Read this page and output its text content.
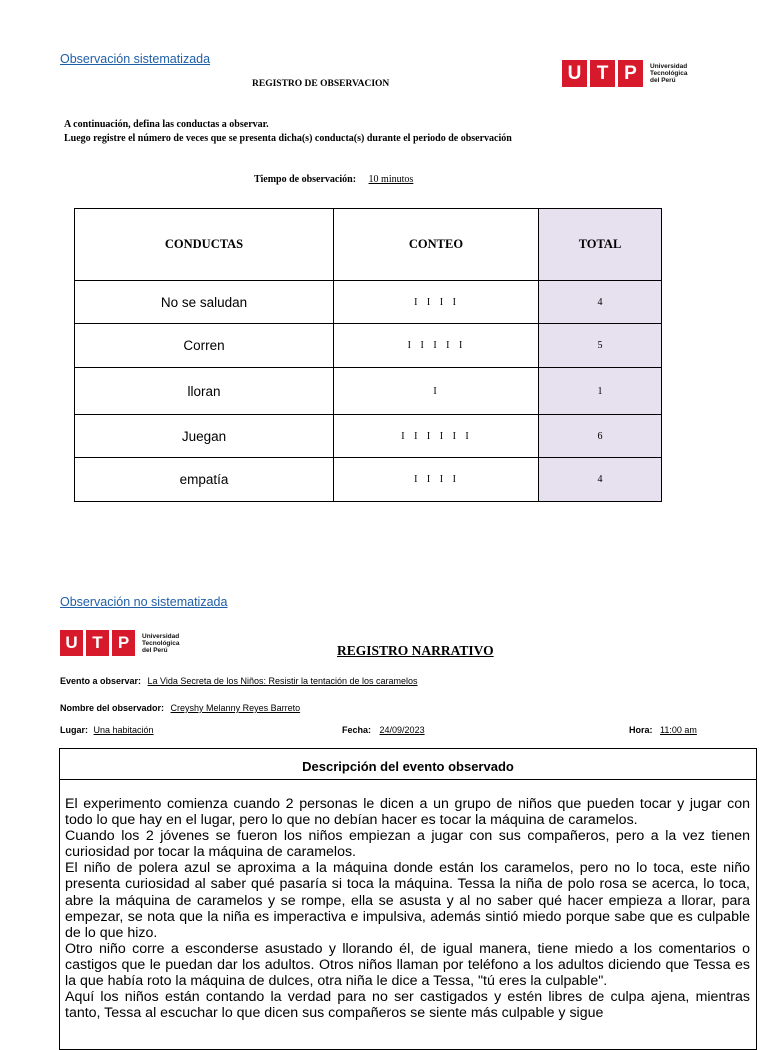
Observación sistematizada
REGISTRO DE OBSERVACION
U T P	Universidad
Tecnológica
del Perú
A continuación, defina las conductas a observar.
Luego registre el número de veces que se presenta dicha(s) conducta(s) durante el periodo de observación
Tiempo de observación: 10 minutos
CONDUCTAS	CONTEO	TOTAL
No se saludan	I I I I	4
Corren	I I I I I	5
lloran	I	1
Juegan	I I I I I I	6
empatía	I I I I	4
Observación no sistematizada
U T P	Universidad
Tecnológica
del Perú	REGISTRO NARRATIVO
Evento a observar: La Vida Secreta de los Niños: Resistir la tentación de los caramelos
Nombre del observador: Creyshy Melanny Reyes Barreto
Lugar: Una habitación	Fecha: 24/09/2023	Hora: 11:00 am
Descripción del evento observado

El experimento comienza cuando 2 personas le dicen a un grupo de niños que pueden tocar y jugar con todo lo que hay en el lugar, pero lo que no debían hacer es tocar la máquina de caramelos.

Cuando los 2 jóvenes se fueron los niños empiezan a jugar con sus compañeros, pero a la vez tienen curiosidad por tocar la máquina de caramelos.

El niño de polera azul se aproxima a la máquina donde están los caramelos, pero no lo toca, este niño presenta curiosidad al saber qué pasaría si toca la máquina. Tessa la niña de polo rosa se acerca, lo toca, abre la máquina de caramelos y se rompe, ella se asusta y al no saber qué hacer empieza a llorar, para empezar, se nota que la niña es imperactiva e impulsiva, además sintió miedo porque sabe que es culpable de lo que hizo.

Otro niño corre a esconderse asustado y llorando él, de igual manera, tiene miedo a los comentarios o castigos que le puedan dar los adultos. Otros niños llaman por teléfono a los adultos diciendo que Tessa es la que había roto la máquina de dulces, otra niña le dice a Tessa, "tú eres la culpable".

Aquí los niños están contando la verdad para no ser castigados y estén libres de culpa ajena, mientras tanto, Tessa al escuchar lo que dicen sus compañeros se siente más culpable y sigue
